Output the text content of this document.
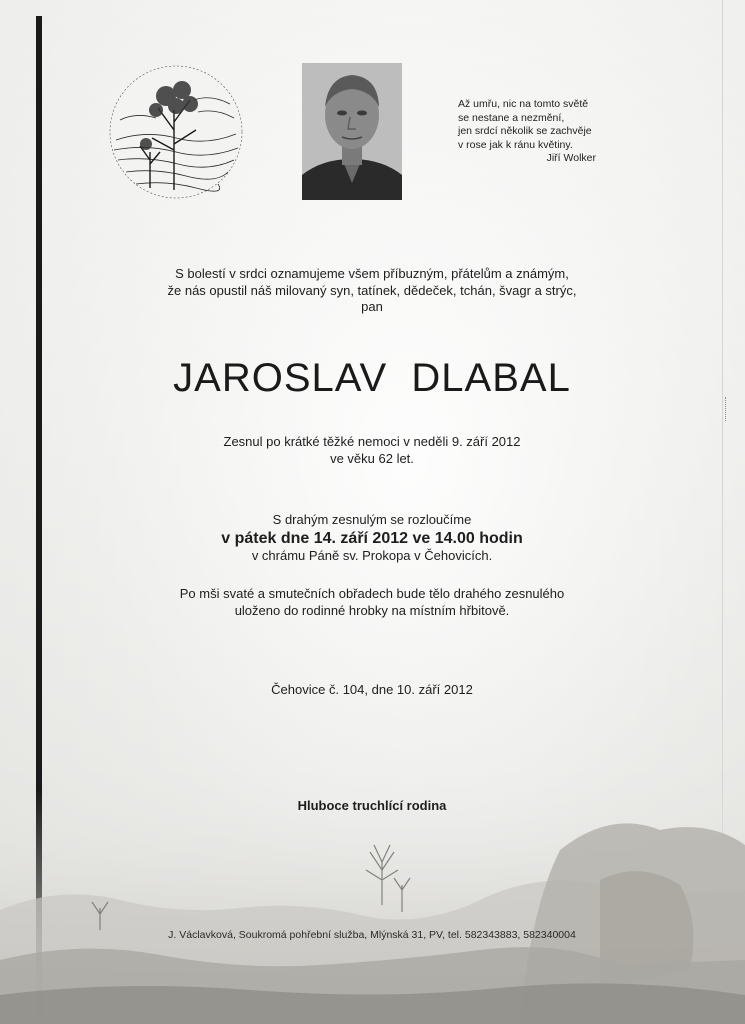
Až umřu, nic na tomto světě
se nestane a nezmění,
jen srdcí několik se zachvěje
v rose jak k ránu květiny.
Jiří Wolker
S bolestí v srdci oznamujeme všem příbuzným, přátelům a známým,
že nás opustil náš milovaný syn, tatínek, dědeček, tchán, švagr a strýc,
pan
JAROSLAV DLABAL
Zesnul po krátké těžké nemoci v neděli 9. září 2012
ve věku 62 let.
S drahým zesnulým se rozloučíme
v pátek dne 14. září 2012 ve 14.00 hodin
v chrámu Páně sv. Prokopa v Čehovicích.
Po mši svaté a smutečních obřadech bude tělo drahého zesnulého
uloženo do rodinné hrobky na místním hřbitově.
Čehovice č. 104, dne 10. září 2012
Hluboce truchlící rodina
J. Václavková, Soukromá pohřební služba, Mlýnská 31, PV, tel. 582343883, 582340004
